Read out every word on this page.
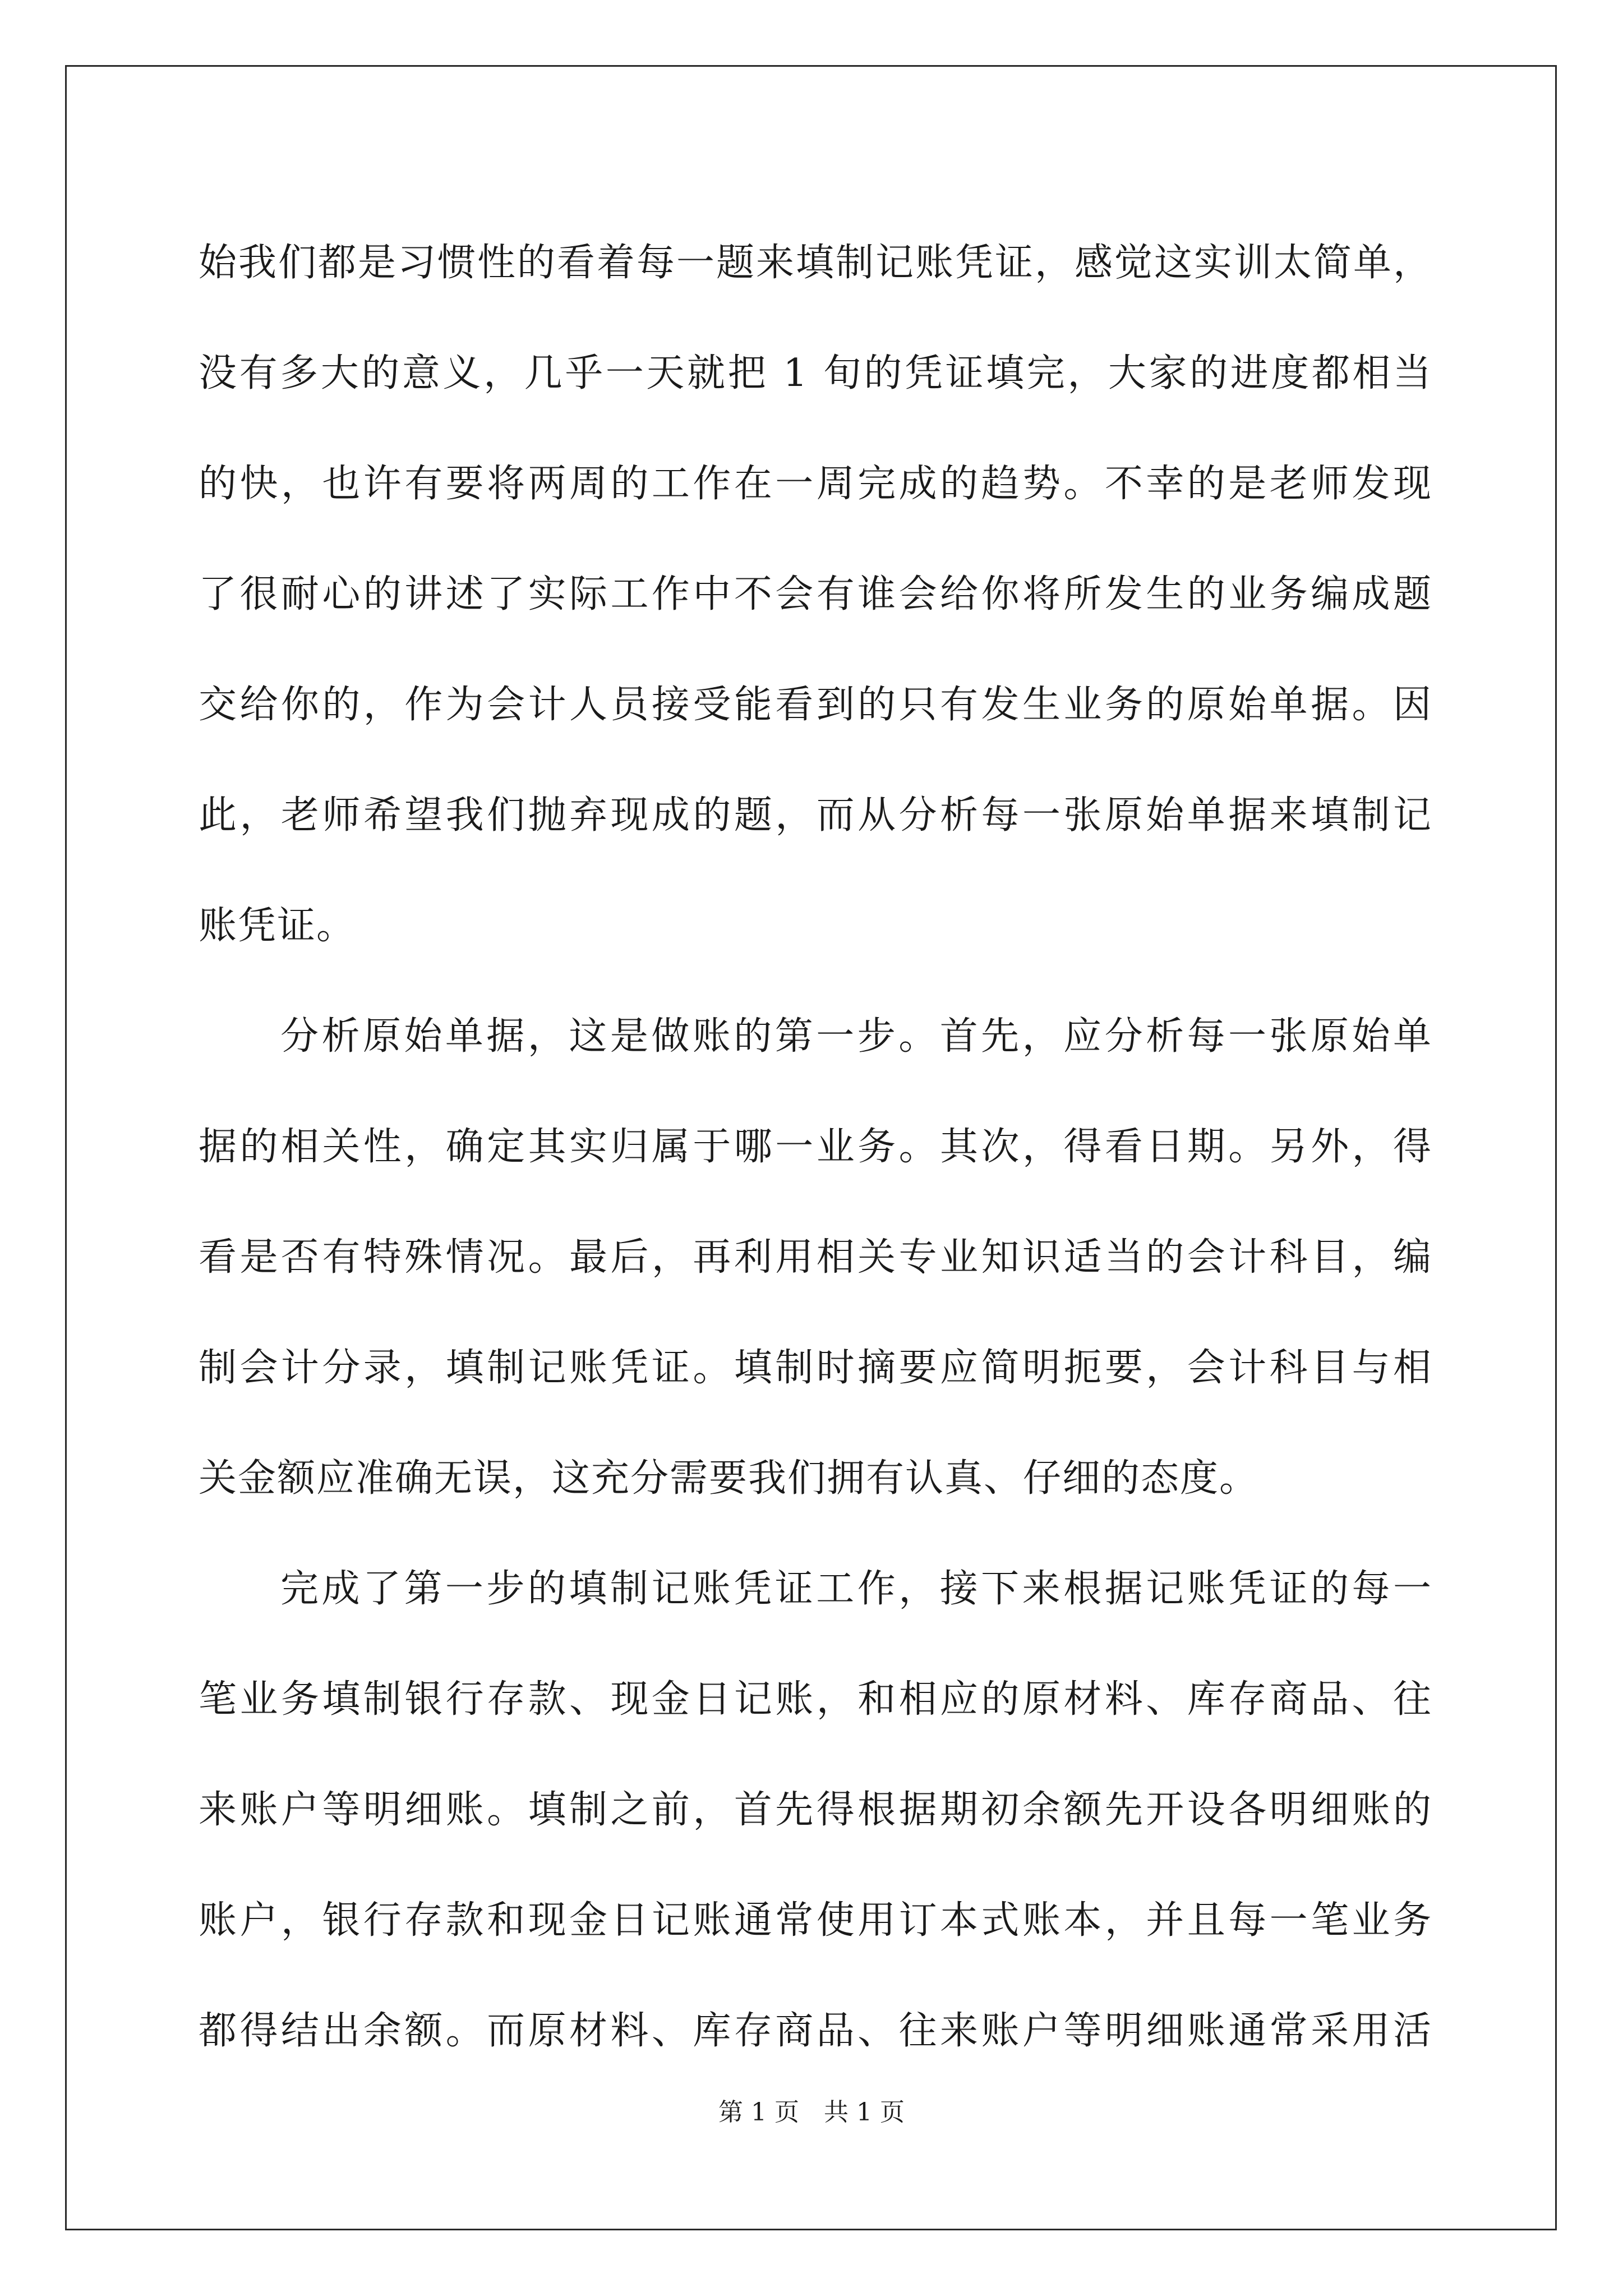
始我们都是习惯性的看着每一题来填制记账凭证，感觉这实训太简单，
没有多大的意义，几乎一天就把 1 旬的凭证填完，大家的进度都相当
的快，也许有要将两周的工作在一周完成的趋势。不幸的是老师发现
了很耐心的讲述了实际工作中不会有谁会给你将所发生的业务编成题
交给你的，作为会计人员接受能看到的只有发生业务的原始单据。因
此，老师希望我们抛弃现成的题，而从分析每一张原始单据来填制记
账凭证。
分析原始单据，这是做账的第一步。首先，应分析每一张原始单
据的相关性，确定其实归属于哪一业务。其次，得看日期。另外，得
看是否有特殊情况。最后，再利用相关专业知识适当的会计科目，编
制会计分录，填制记账凭证。填制时摘要应简明扼要，会计科目与相
关金额应准确无误，这充分需要我们拥有认真、仔细的态度。
完成了第一步的填制记账凭证工作，接下来根据记账凭证的每一
笔业务填制银行存款、现金日记账，和相应的原材料、库存商品、往
来账户等明细账。填制之前，首先得根据期初余额先开设各明细账的
账户，银行存款和现金日记账通常使用订本式账本，并且每一笔业务
都得结出余额。而原材料、库存商品、往来账户等明细账通常采用活
第 1 页　共 1 页
